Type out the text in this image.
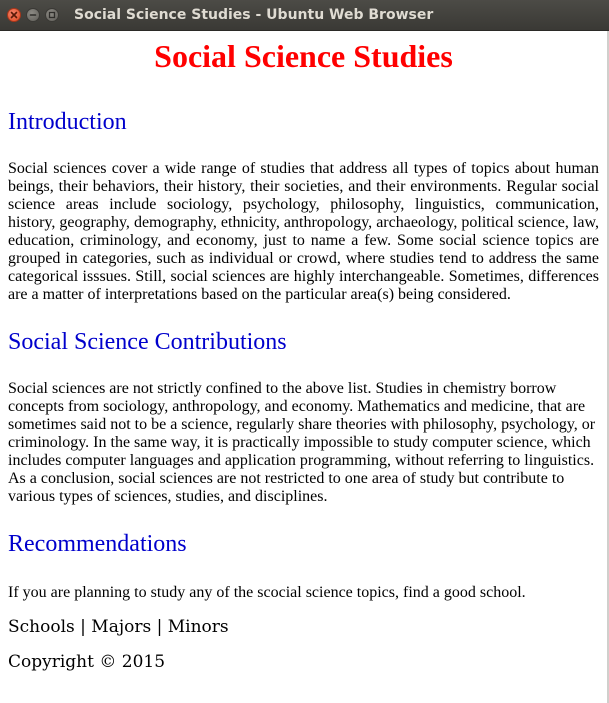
Social Science Studies - Ubuntu Web Browser
Social Science Studies
Introduction

Social sciences cover a wide range of studies that address all types of topics about human beings, their behaviors, their history, their societies, and their environments. Regular social science areas include sociology, psychology, philosophy, linguistics, communication, history, geography, demography, ethnicity, anthropology, archaeology, political science, law, education, criminology, and economy, just to name a few. Some social science topics are grouped in categories, such as individual or crowd, where studies tend to address the same categorical isssues. Still, social sciences are highly interchangeable. Sometimes, differences are a matter of interpretations based on the particular area(s) being considered.

Social Science Contributions

Social sciences are not strictly confined to the above list. Studies in chemistry borrow concepts from sociology, anthropology, and economy. Mathematics and medicine, that are sometimes said not to be a science, regularly share theories with philosophy, psychology, or criminology. In the same way, it is practically impossible to study computer science, which includes computer languages and application programming, without referring to linguistics. As a conclusion, social sciences are not restricted to one area of study but contribute to various types of sciences, studies, and disciplines.

Recommendations

If you are planning to study any of the scocial science topics, find a good school.

Schools | Majors | Minors
Copyright © 2015
